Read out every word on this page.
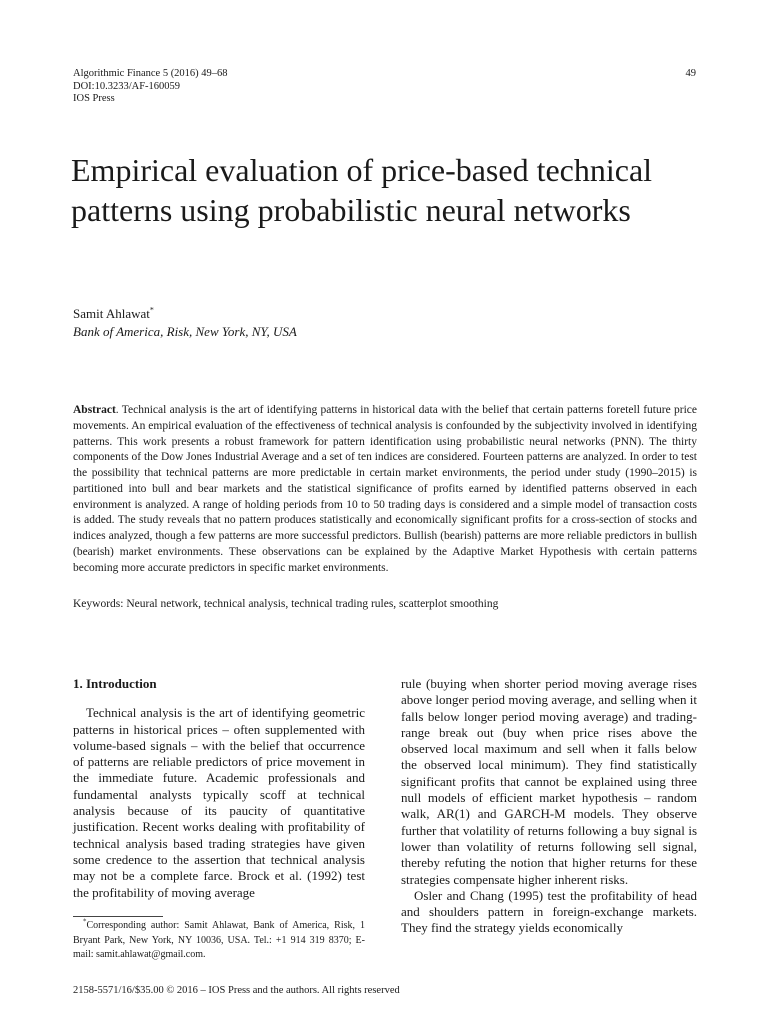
Algorithmic Finance 5 (2016) 49–68
DOI:10.3233/AF-160059
IOS Press
49
Empirical evaluation of price-based technical patterns using probabilistic neural networks
Samit Ahlawat*
Bank of America, Risk, New York, NY, USA

Abstract. Technical analysis is the art of identifying patterns in historical data with the belief that certain patterns foretell future price movements. An empirical evaluation of the effectiveness of technical analysis is confounded by the subjectivity involved in identifying patterns. This work presents a robust framework for pattern identification using probabilistic neural networks (PNN). The thirty components of the Dow Jones Industrial Average and a set of ten indices are considered. Fourteen patterns are analyzed. In order to test the possibility that technical patterns are more predictable in certain market environments, the period under study (1990–2015) is partitioned into bull and bear markets and the statistical significance of profits earned by identified patterns observed in each environment is analyzed. A range of holding periods from 10 to 50 trading days is considered and a simple model of transaction costs is added. The study reveals that no pattern produces statistically and economically significant profits for a cross-section of stocks and indices analyzed, though a few patterns are more successful predictors. Bullish (bearish) patterns are more reliable predictors in bullish (bearish) market environments. These observations can be explained by the Adaptive Market Hypothesis with certain patterns becoming more accurate predictors in specific market environments.

Keywords: Neural network, technical analysis, technical trading rules, scatterplot smoothing

1. Introduction

Technical analysis is the art of identifying geometric patterns in historical prices – often supplemented with volume-based signals – with the belief that occurrence of patterns are reliable predictors of price movement in the immediate future. Academic professionals and fundamental analysts typically scoff at technical analysis because of its paucity of quantitative justification. Recent works dealing with profitability of technical analysis based trading strategies have given some credence to the assertion that technical analysis may not be a complete farce. Brock et al. (1992) test the profitability of moving average

rule (buying when shorter period moving average rises above longer period moving average, and selling when it falls below longer period moving average) and trading-range break out (buy when price rises above the observed local maximum and sell when it falls below the observed local minimum). They find statistically significant profits that cannot be explained using three null models of efficient market hypothesis – random walk, AR(1) and GARCH-M models. They observe further that volatility of returns following a buy signal is lower than volatility of returns following sell signal, thereby refuting the notion that higher returns for these strategies compensate higher inherent risks.

Osler and Chang (1995) test the profitability of head and shoulders pattern in foreign-exchange markets. They find the strategy yields economically

*Corresponding author: Samit Ahlawat, Bank of America, Risk, 1 Bryant Park, New York, NY 10036, USA. Tel.: +1 914 319 8370; E-mail: samit.ahlawat@gmail.com.
2158-5571/16/$35.00 © 2016 – IOS Press and the authors. All rights reserved
